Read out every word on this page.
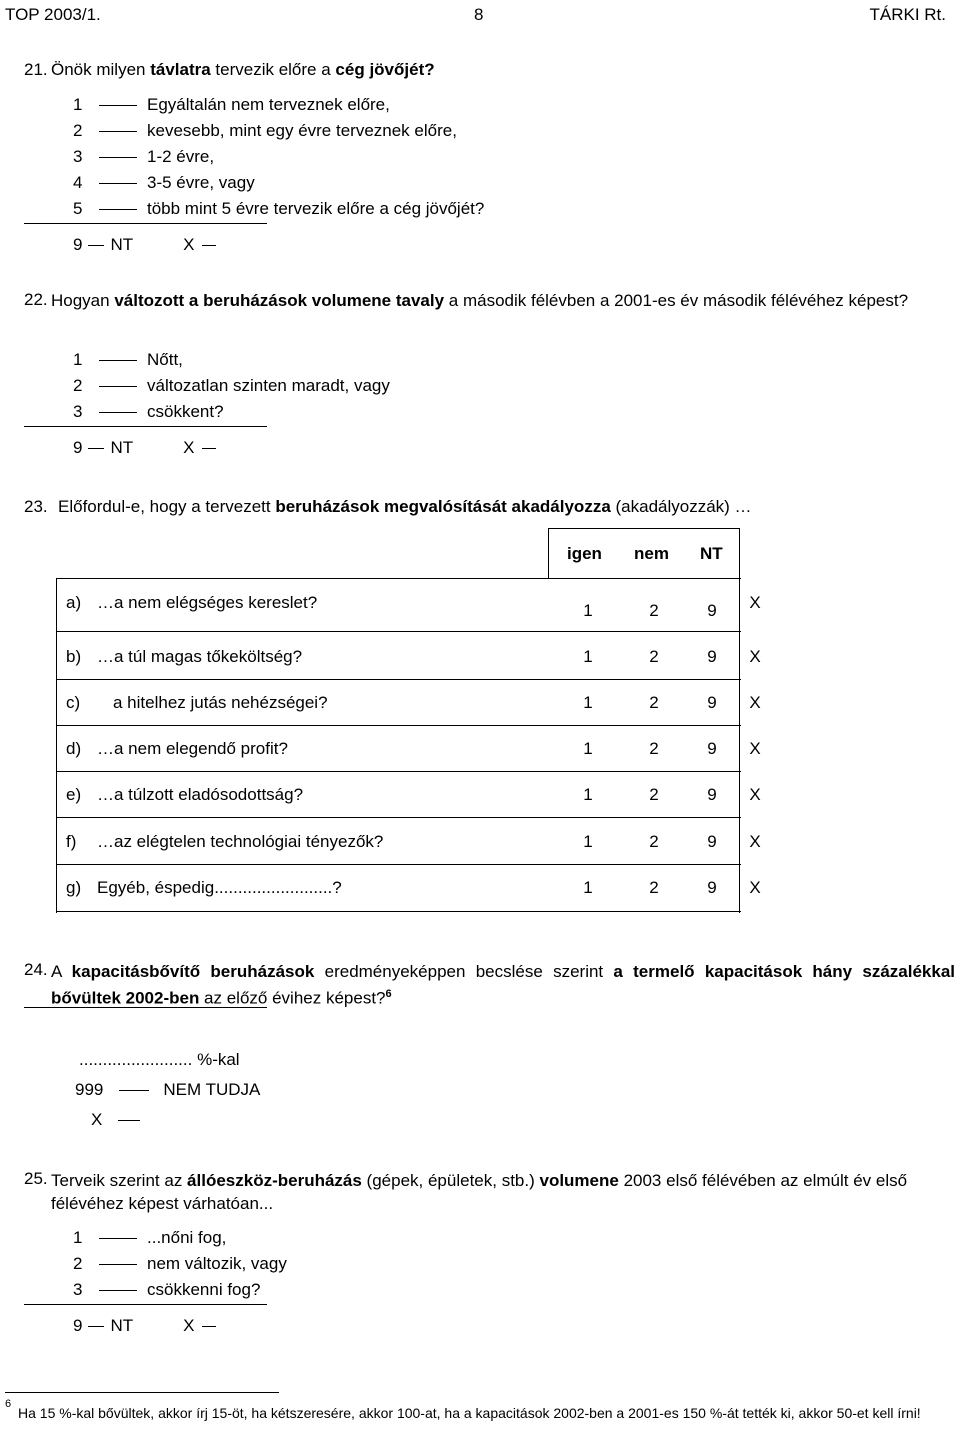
TOP 2003/1.	8	TÁRKI Rt.
21. Önök milyen távlatra tervezik előre a cég jövőjét?
1	Egyáltalán nem terveznek előre,
2	kevesebb, mint egy évre terveznek előre,
3	1-2 évre,
4	3-5 évre, vagy
5	több mint 5 évre tervezik előre a cég jövőjét?
9 NT	X
22. Hogyan változott a beruházások volumene tavaly a második félévben a 2001-es év második félévéhez képest?
1	Nőtt,
2	változatlan szinten maradt, vagy
3	csökkent?
9 NT	X
23. Előfordul-e, hogy a tervezett beruházások megvalósítását akadályozza (akadályozzák) …
igen nem NT
a) …a nem elégséges kereslet?	1	2	9	X
b) …a túl magas tőkeköltség?	1	2	9	X
c) a hitelhez jutás nehézségei?	1	2	9	X
d) …a nem elegendő profit?	1	2	9	X
e) …a túlzott eladósodottság?	1	2	9	X
f) …az elégtelen technológiai tényezők?	1	2	9	X
g) Egyéb, éspedig.........................?	1	2	9	X
24. A kapacitásbővítő beruházások eredményeképpen becslése szerint a termelő kapacitások hány százalékkal bővültek 2002-ben az előző évihez képest?$^6$
........................ %-kal
999	NEM TUDJA
X
25. Terveik szerint az állóeszköz-beruházás (gépek, épületek, stb.) volumene 2003 első félévében az elmúlt év első félévéhez képest várhatóan...
1	...nőni fog,
2	nem változik, vagy
3	csökkenni fog?
9 NT	X
6
Ha 15 %-kal bővültek, akkor írj 15-öt, ha kétszeresére, akkor 100-at, ha a kapacitások 2002-ben a 2001-es 150 %-át tették ki, akkor 50-et kell írni!
